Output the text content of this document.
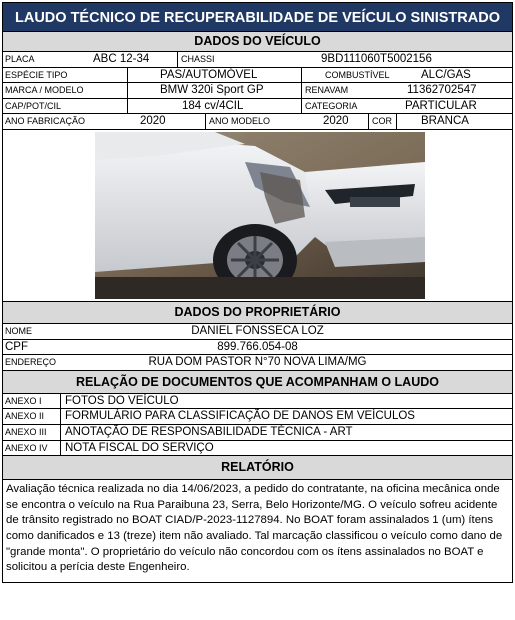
LAUDO TÉCNICO DE RECUPERABILIDADE DE VEÍCULO SINISTRADO
DADOS DO VEÍCULO
PLACA	ABC 12-34	CHASSI	9BD111060T5002156
ESPÉCIE TIPO	PAS/AUTOMÓVEL	COMBUSTÍVEL	ALC/GAS
MARCA / MODELO	BMW 320i Sport GP	RENAVAM	11362702547
CAP/POT/CIL	184 cv/4CIL	CATEGORIA	PARTICULAR
ANO FABRICAÇÃO	2020	ANO MODELO	2020	COR	BRANCA
DADOS DO PROPRIETÁRIO
NOME	DANIEL FONSSECA LOZ
CPF	899.766.054-08
ENDEREÇO	RUA DOM PASTOR N°70 NOVA LIMA/MG
RELAÇÃO DE DOCUMENTOS QUE ACOMPANHAM O LAUDO
ANEXO I FOTOS DO VEÍCULO
ANEXO II FORMULÁRIO PARA CLASSIFICAÇÃO DE DANOS EM VEÍCULOS
ANEXO III ANOTAÇÃO DE RESPONSABILIDADE TÉCNICA - ART
ANEXO IV NOTA FISCAL DO SERVIÇO
RELATÓRIO
Avaliação técnica realizada no dia 14/06/2023, a pedido do contratante, na oficina mecânica onde se encontra o veículo na Rua Paraibuna 23, Serra, Belo Horizonte/MG. O veículo sofreu acidente de trânsito registrado no BOAT CIAD/P-2023-1127894. No BOAT foram assinalados 1 (um) ítens como danificados e 13 (treze) item não avaliado. Tal marcação classificou o veículo como dano de "grande monta". O proprietário do veículo não concordou com os ítens assinalados no BOAT e solicitou a perícia deste Engenheiro.
